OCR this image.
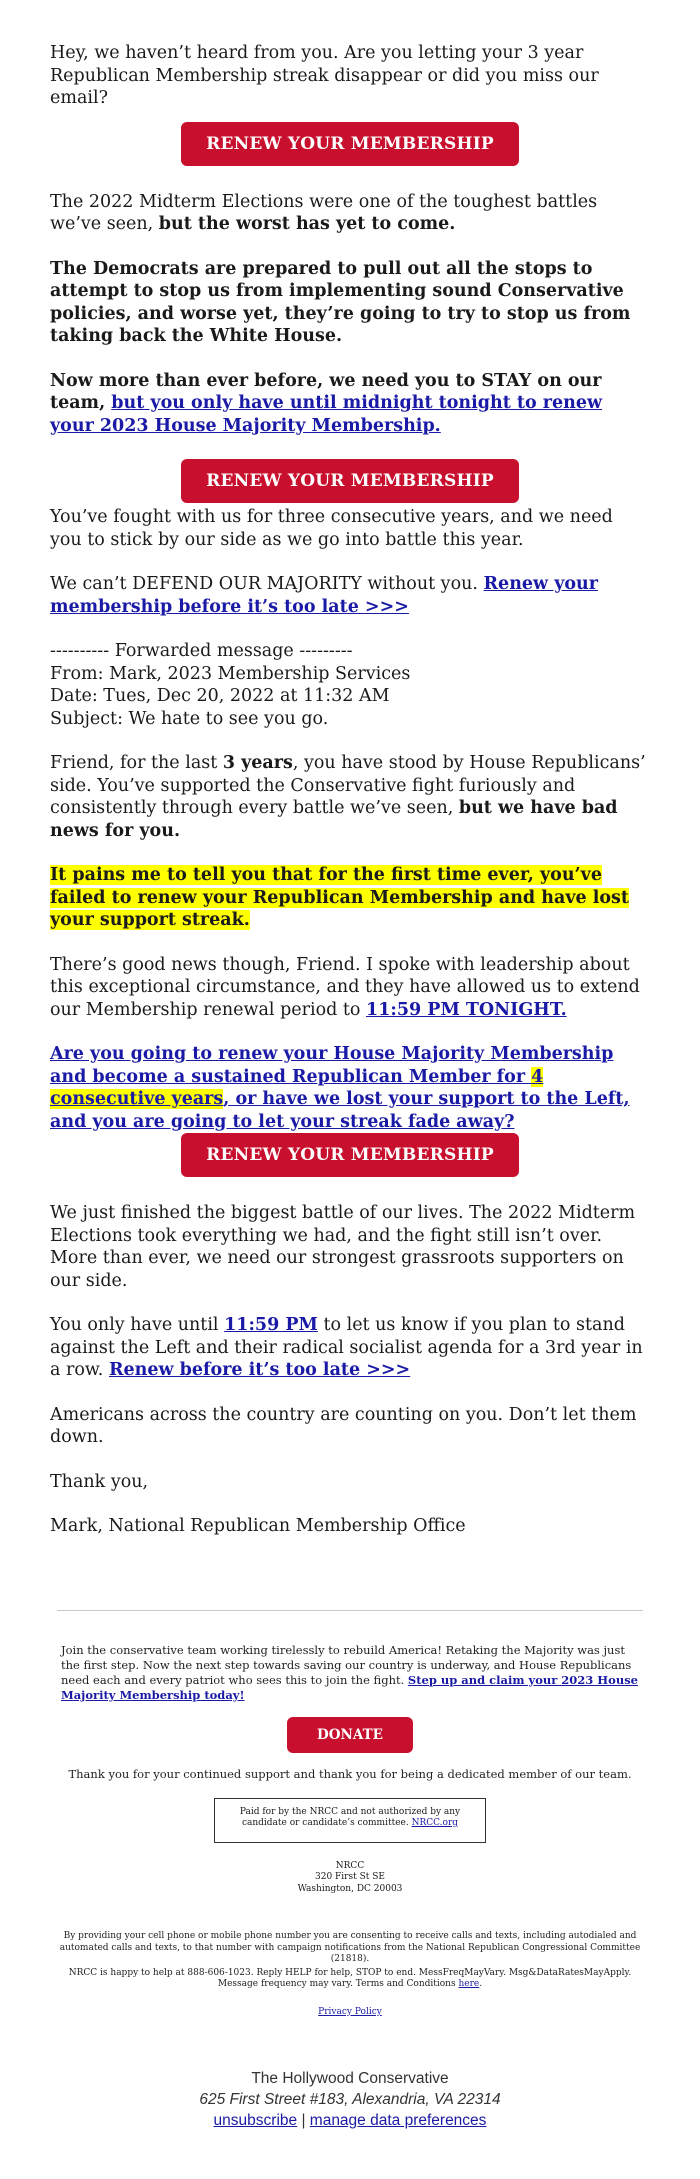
Hey, we haven’t heard from you. Are you letting your 3 year Republican Membership streak disappear or did you miss our email?

RENEW YOUR MEMBERSHIP

The 2022 Midterm Elections were one of the toughest battles we’ve seen, but the worst has yet to come.

The Democrats are prepared to pull out all the stops to attempt to stop us from implementing sound Conservative policies, and worse yet, they’re going to try to stop us from taking back the White House.

Now more than ever before, we need you to STAY on our team, but you only have until midnight tonight to renew your 2023 House Majority Membership.

RENEW YOUR MEMBERSHIP

You’ve fought with us for three consecutive years, and we need you to stick by our side as we go into battle this year.

We can’t DEFEND OUR MAJORITY without you. Renew your membership before it’s too late >>>

---------- Forwarded message ---------
From: Mark, 2023 Membership Services
Date: Tues, Dec 20, 2022 at 11:32 AM
Subject: We hate to see you go.

Friend, for the last 3 years, you have stood by House Republicans’ side. You’ve supported the Conservative fight furiously and consistently through every battle we’ve seen, but we have bad news for you.

It pains me to tell you that for the first time ever, you’ve failed to renew your Republican Membership and have lost your support streak.

There’s good news though, Friend. I spoke with leadership about this exceptional circumstance, and they have allowed us to extend our Membership renewal period to 11:59 PM TONIGHT.

Are you going to renew your House Majority Membership and become a sustained Republican Member for 4 consecutive years, or have we lost your support to the Left, and you are going to let your streak fade away?

RENEW YOUR MEMBERSHIP

We just finished the biggest battle of our lives. The 2022 Midterm Elections took everything we had, and the fight still isn’t over. More than ever, we need our strongest grassroots supporters on our side.

You only have until 11:59 PM to let us know if you plan to stand against the Left and their radical socialist agenda for a 3rd year in a row. Renew before it’s too late >>>

Americans across the country are counting on you. Don’t let them down.

Thank you,

Mark, National Republican Membership Office

Join the conservative team working tirelessly to rebuild America! Retaking the Majority was just the first step. Now the next step towards saving our country is underway, and House Republicans need each and every patriot who sees this to join the fight. Step up and claim your 2023 House Majority Membership today!
DONATE
Thank you for your continued support and thank you for being a dedicated member of our team.
Paid for by the NRCC and not authorized by any candidate or candidate’s committee. NRCC.org
NRCC
320 First St SE
Washington, DC 20003
By providing your cell phone or mobile phone number you are consenting to receive calls and texts, including autodialed and automated calls and texts, to that number with campaign notifications from the National Republican Congressional Committee (21818).
NRCC is happy to help at 888-606-1023. Reply HELP for help, STOP to end. MessFreqMayVary. Msg&DataRatesMayApply. Message frequency may vary. Terms and Conditions here.
Privacy Policy
The Hollywood Conservative
625 First Street #183, Alexandria, VA 22314
unsubscribe | manage data preferences
